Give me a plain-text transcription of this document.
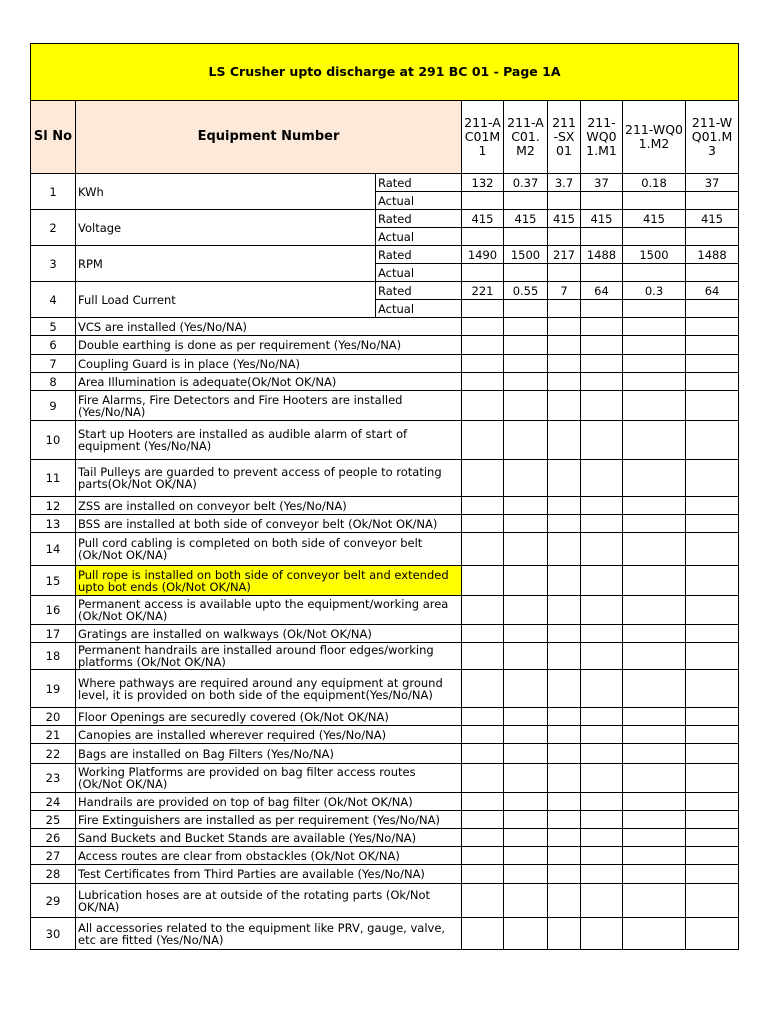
LS Crusher upto discharge at 291 BC 01 - Page 1A								
Sl No	Equipment Number		211-AC01M1	211-AC01.M2	211-SX01	211-WQ01.M1	211-WQ01.M2	211-WQ01.M3
1	KWh	Rated	132	0.37	3.7	37	0.18	37
		Actual						
2	Voltage	Rated	415	415	415	415	415	415
		Actual						
3	RPM	Rated	1490	1500	217	1488	1500	1488
		Actual						
4	Full Load Current	Rated	221	0.55	7	64	0.3	64
		Actual						
5	VCS are installed (Yes/No/NA)							
6	Double earthing is done as per requirement (Yes/No/NA)							
7	Coupling Guard is in place (Yes/No/NA)							
8	Area Illumination is adequate(Ok/Not OK/NA)							
9	Fire Alarms, Fire Detectors and Fire Hooters are installed (Yes/No/NA)							
10	Start up Hooters are installed as audible alarm of start of equipment (Yes/No/NA)							
11	Tail Pulleys are guarded to prevent access of people to rotating parts(Ok/Not OK/NA)							
12	ZSS are installed on conveyor belt (Yes/No/NA)							
13	BSS are installed at both side of conveyor belt (Ok/Not OK/NA)							
14	Pull cord cabling is completed on both side of conveyor belt (Ok/Not OK/NA)							
15	Pull rope is installed on both side of conveyor belt and extended upto bot ends (Ok/Not OK/NA)							
16	Permanent access is available upto the equipment/working area (Ok/Not OK/NA)							
17	Gratings are installed on walkways (Ok/Not OK/NA)							
18	Permanent handrails are installed around floor edges/working platforms (Ok/Not OK/NA)							
19	Where pathways are required around any equipment at ground level, it is provided on both side of the equipment(Yes/No/NA)							
20	Floor Openings are securedly covered (Ok/Not OK/NA)							
21	Canopies are installed wherever required (Yes/No/NA)							
22	Bags are installed on Bag Filters (Yes/No/NA)							
23	Working Platforms are provided on bag filter access routes (Ok/Not OK/NA)							
24	Handrails are provided on top of bag filter (Ok/Not OK/NA)							
25	Fire Extinguishers are installed as per requirement (Yes/No/NA)							
26	Sand Buckets and Bucket Stands are available (Yes/No/NA)							
27	Access routes are clear from obstackles (Ok/Not OK/NA)							
28	Test Certificates from Third Parties are available (Yes/No/NA)							
29	Lubrication hoses are at outside of the rotating parts (Ok/Not OK/NA)							
30	All accessories related to the equipment like PRV, gauge, valve, etc are fitted (Yes/No/NA)							
